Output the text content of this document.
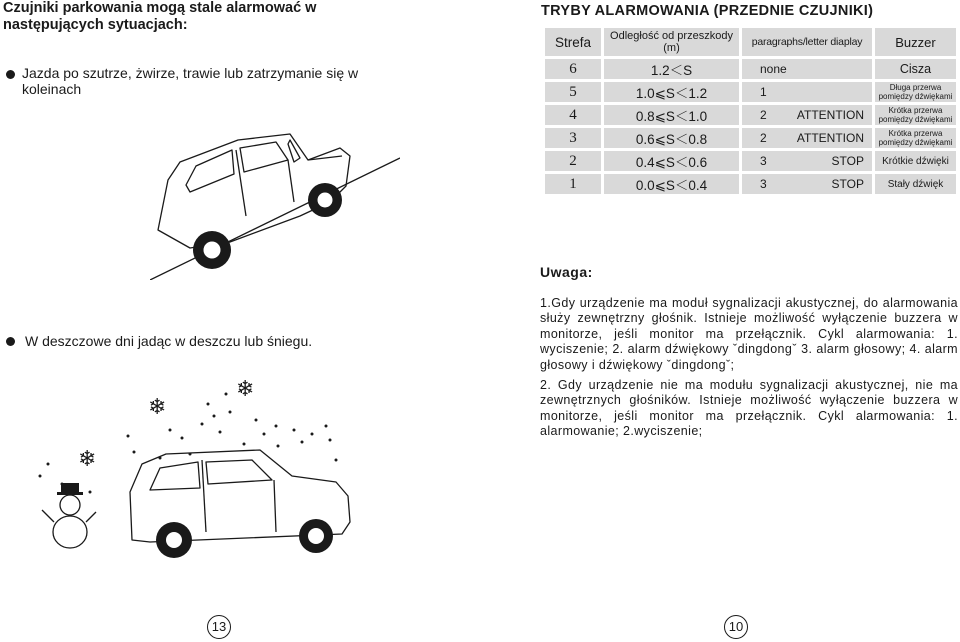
Czujniki parkowania mogą stale alarmować w następujących sytuacjach:
Jazda po szutrze, żwirze, trawie lub zatrzymanie się w koleinach
W deszczowe dni jadąc w deszczu lub śniegu.
❄
❄
❄
13
TRYBY ALARMOWANIA (PRZEDNIE CZUJNIKI)
Strefa	Odległość od przeszkody (m)	paragraphs/letter diaplay	Buzzer
6	1.2＜S	none	Cisza
5	1.0⩽S＜1.2	1	Długa przerwa pomiędzy dźwiękami
4	0.8⩽S＜1.0	2 ATTENTION	Krótka przerwa pomiędzy dźwiękami
3	0.6⩽S＜0.8	2 ATTENTION	Krótka przerwa pomiędzy dźwiękami
2	0.4⩽S＜0.6	3 STOP	Krótkie dźwięki
1	0.0⩽S＜0.4	3 STOP	Stały dźwięk
Uwaga:
1.Gdy urządzenie ma moduł sygnalizacji akustycznej, do alarmowania służy zewnętrzny głośnik. Istnieje możliwość wyłączenie buzzera w monitorze, jeśli monitor ma przełącznik. Cykl alarmowania: 1. wyciszenie; 2. alarm dźwiękowy ˇdingdongˇ 3. alarm głosowy; 4. alarm głosowy i dźwiękowy ˇdingdongˇ;
2. Gdy urządzenie nie ma modułu sygnalizacji akustycznej, nie ma zewnętrznych głośników. Istnieje możliwość wyłączenie buzzera w monitorze, jeśli monitor ma przełącznik. Cykl alarmowania: 1. alarmowanie; 2.wyciszenie;
10
